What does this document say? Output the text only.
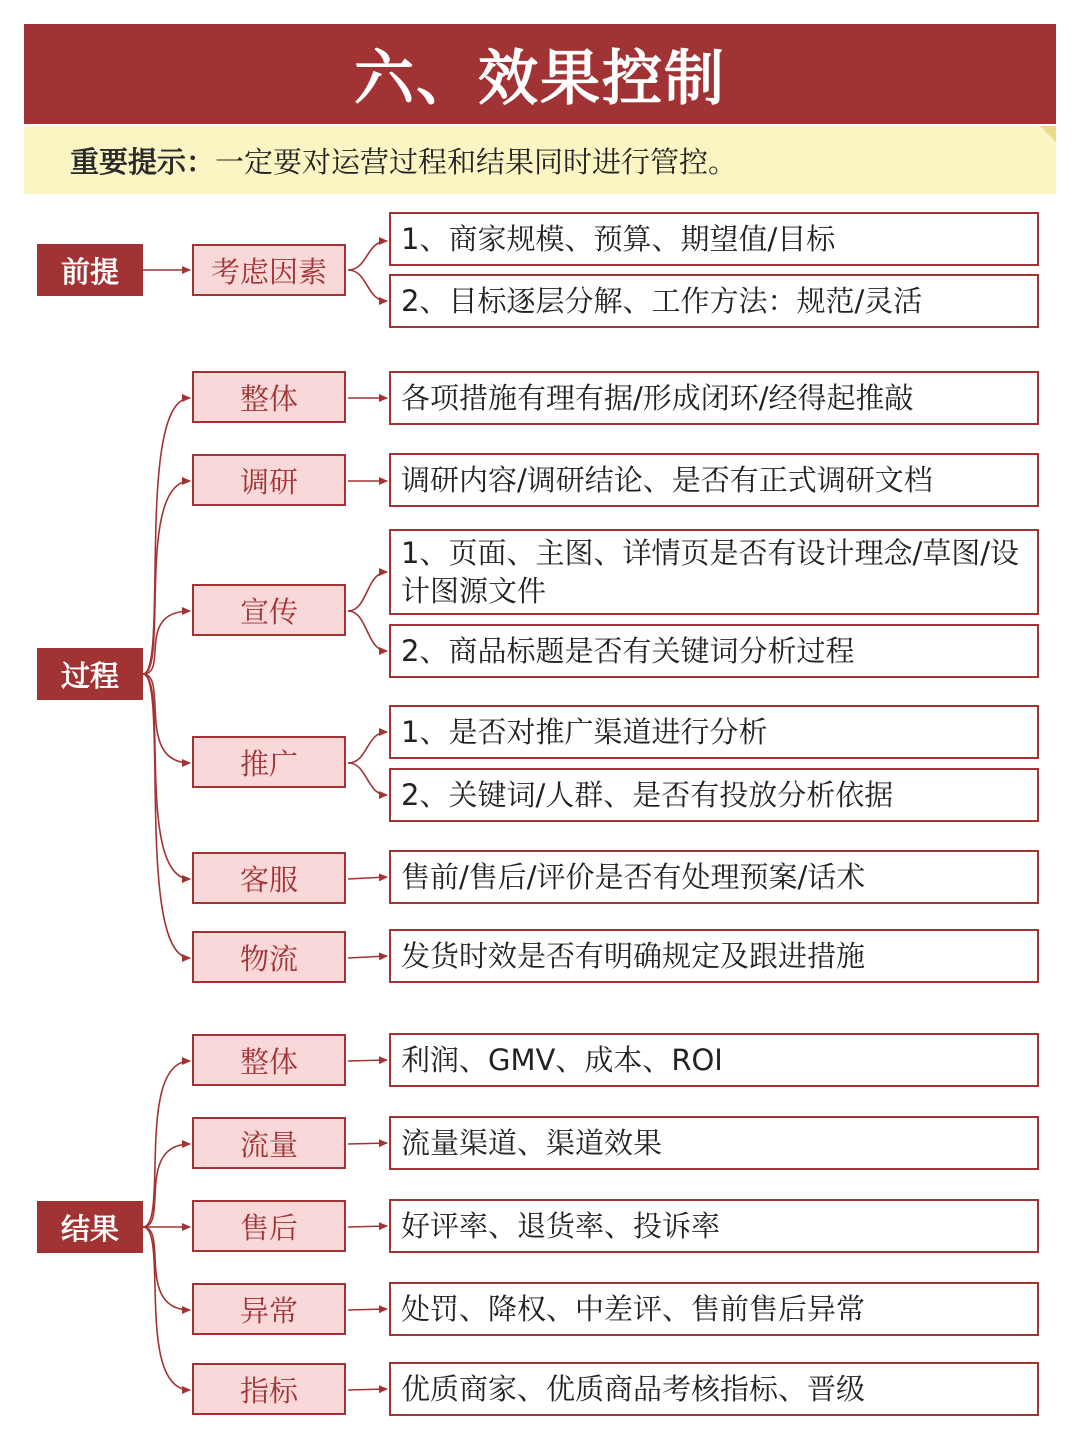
六、效果控制
重要提示： 一定要对运营过程和结果同时进行管控。
前提	考虑因素
1、商家规模、预算、期望值/目标
2、目标逐层分解、工作方法：规范/灵活
过程
整体	各项措施有理有据/形成闭环/经得起推敲
调研	调研内容/调研结论、是否有正式调研文档
宣传
1、页面、主图、详情页是否有设计理念/草图/设计图源文件
2、商品标题是否有关键词分析过程
推广
1、是否对推广渠道进行分析
2、关键词/人群、是否有投放分析依据
客服	售前/售后/评价是否有处理预案/话术
物流	发货时效是否有明确规定及跟进措施
结果
整体	利润、GMV、成本、ROI
流量	流量渠道、渠道效果
售后	好评率、退货率、投诉率
异常	处罚、降权、中差评、售前售后异常
指标	优质商家、优质商品考核指标、晋级
